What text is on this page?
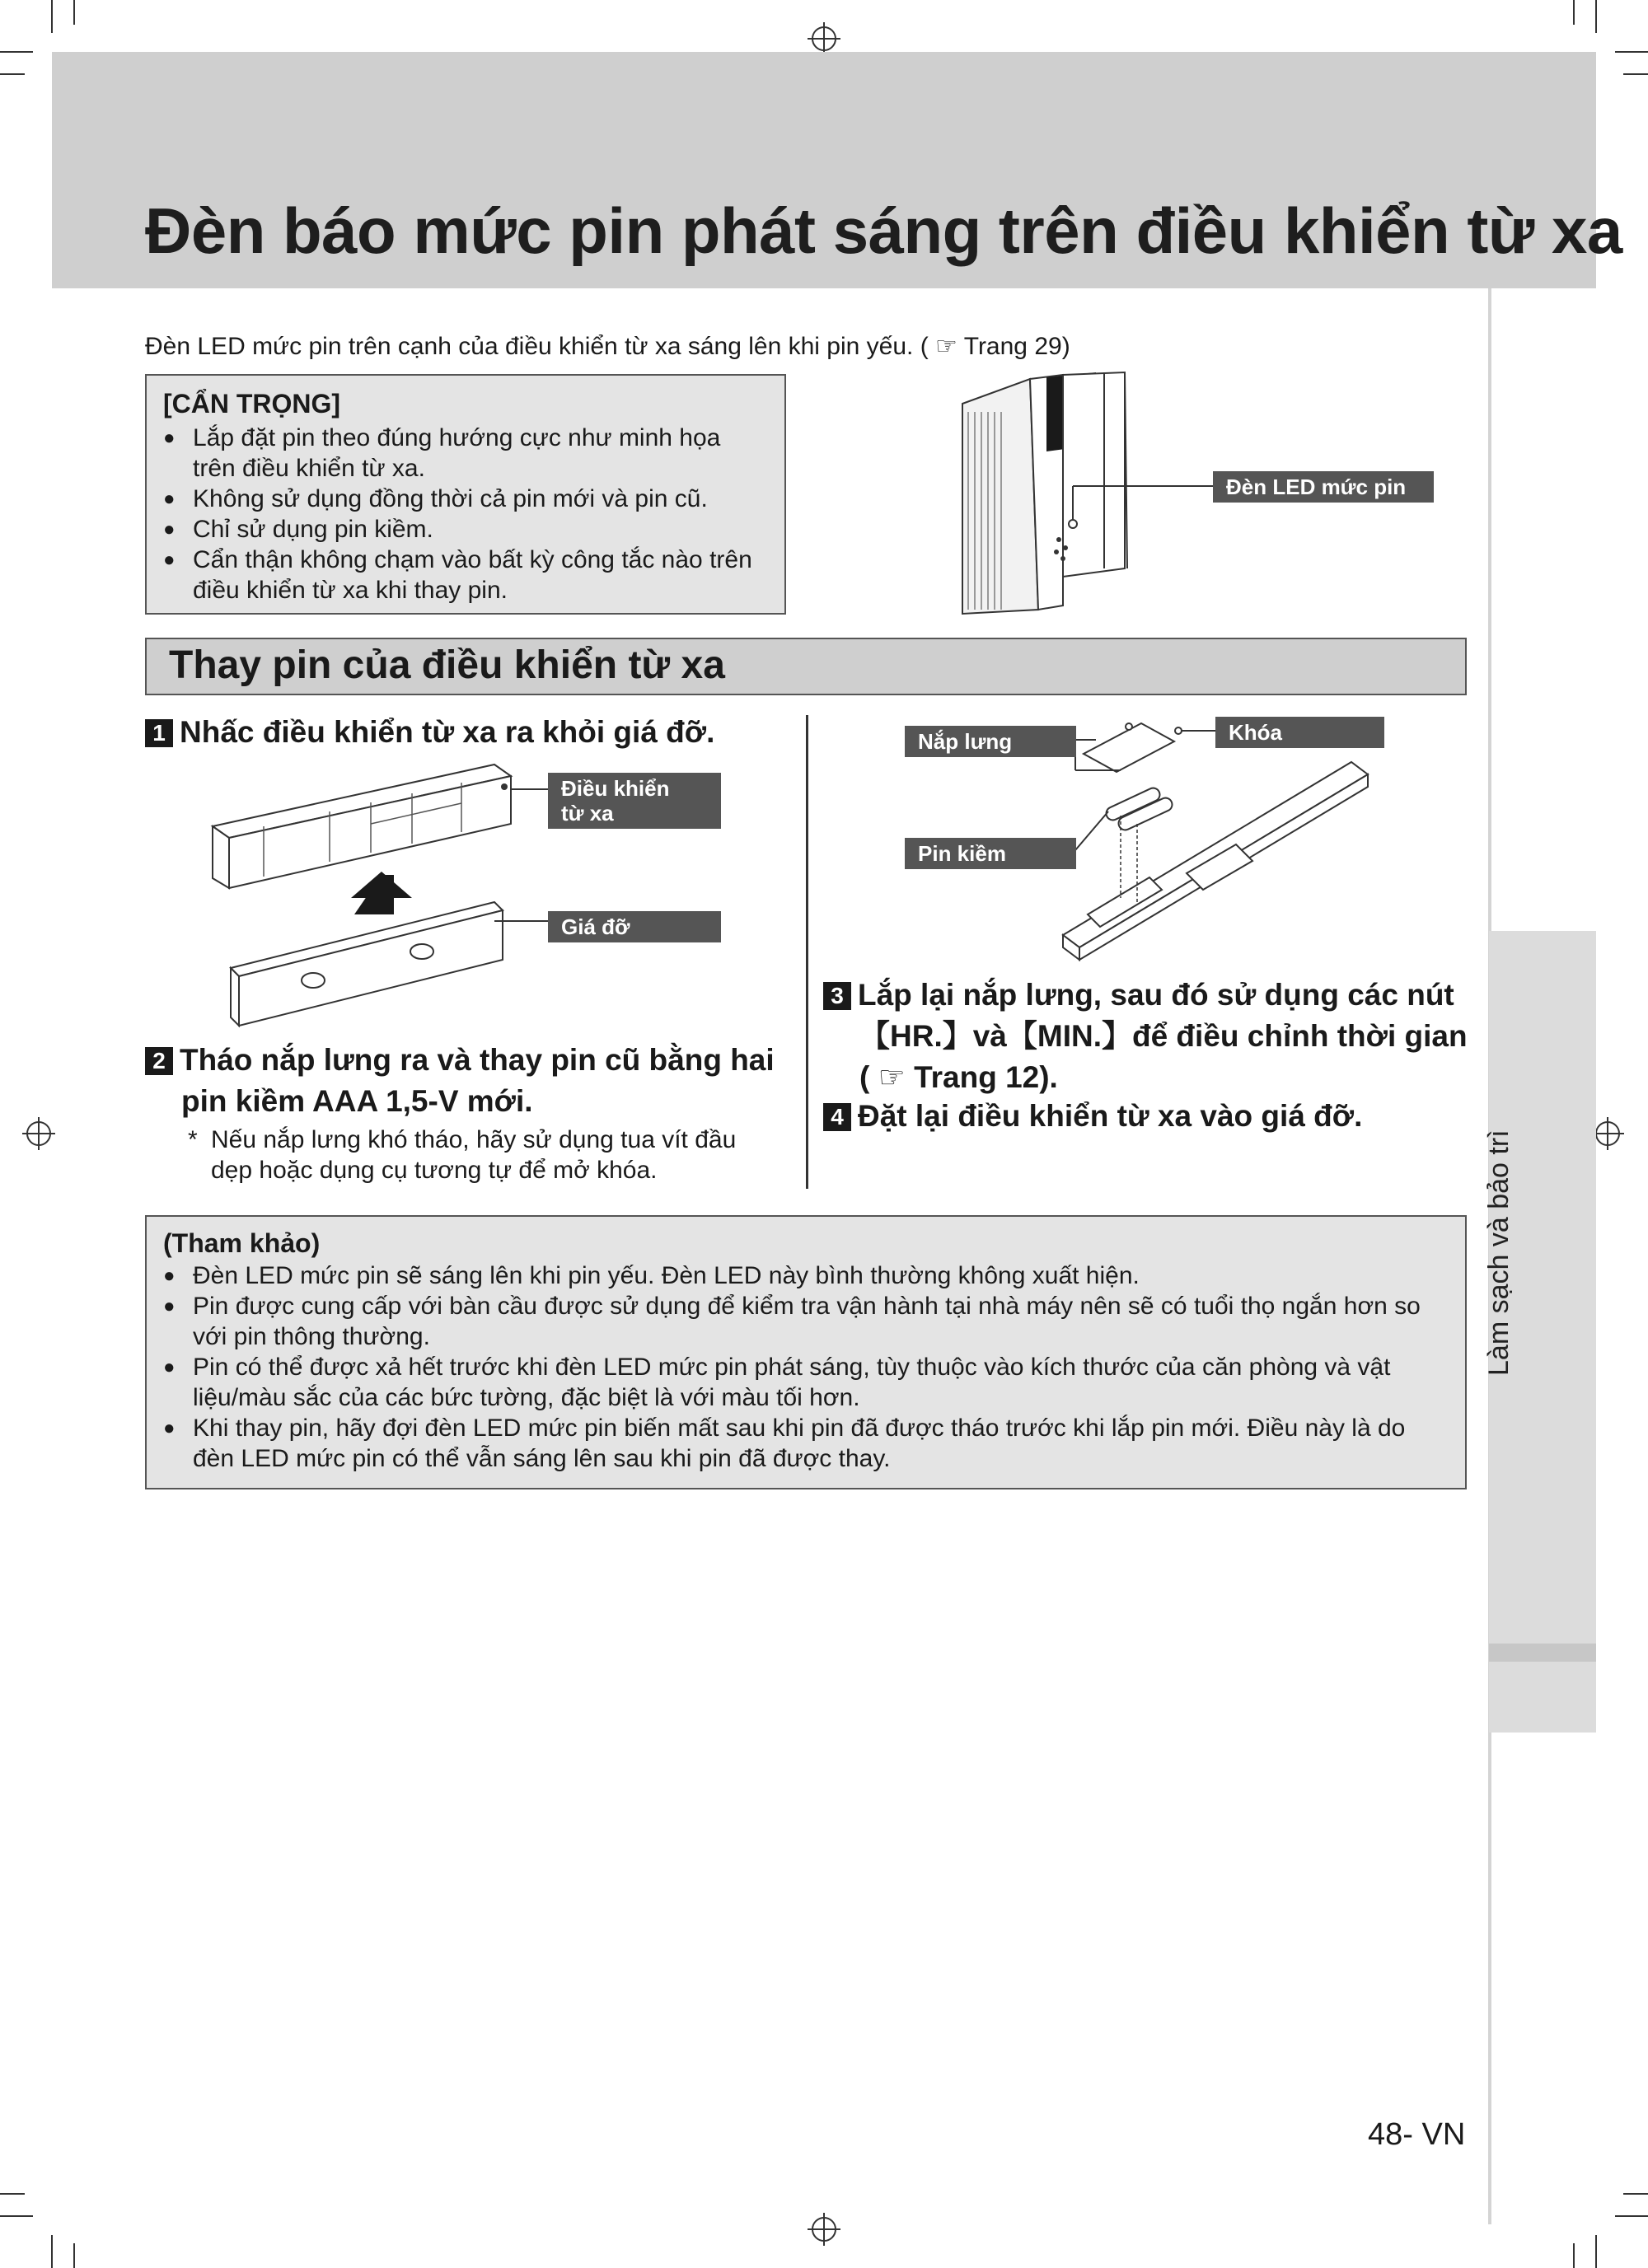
Đèn báo mức pin phát sáng trên điều khiển từ xa
Làm sạch và bảo trì
Đèn LED mức pin trên cạnh của điều khiển từ xa sáng lên khi pin yếu. ( ☞ Trang 29)
[CẨN TRỌNG]
● Lắp đặt pin theo đúng hướng cực như minh họa trên điều khiển từ xa.
● Không sử dụng đồng thời cả pin mới và pin cũ.
● Chỉ sử dụng pin kiềm.
● Cẩn thận không chạm vào bất kỳ công tắc nào trên điều khiển từ xa khi thay pin.
Đèn LED mức pin
Thay pin của điều khiển từ xa
1 Nhấc điều khiển từ xa ra khỏi giá đỡ.
Điều khiển
từ xa
Giá đỡ
2 Tháo nắp lưng ra và thay pin cũ bằng hai
pin kiềm AAA 1,5-V mới.
* Nếu nắp lưng khó tháo, hãy sử dụng tua vít đầu dẹp hoặc dụng cụ tương tự để mở khóa.
Nắp lưng	Khóa
Pin kiềm
3 Lắp lại nắp lưng, sau đó sử dụng các nút
【HR.】và【MIN.】để điều chỉnh thời gian
( ☞ Trang 12).
4 Đặt lại điều khiển từ xa vào giá đỡ.
(Tham khảo)
● Đèn LED mức pin sẽ sáng lên khi pin yếu. Đèn LED này bình thường không xuất hiện.
● Pin được cung cấp với bàn cầu được sử dụng để kiểm tra vận hành tại nhà máy nên sẽ có tuổi thọ ngắn hơn so với pin thông thường.
● Pin có thể được xả hết trước khi đèn LED mức pin phát sáng, tùy thuộc vào kích thước của căn phòng và vật liệu/màu sắc của các bức tường, đặc biệt là với màu tối hơn.
● Khi thay pin, hãy đợi đèn LED mức pin biến mất sau khi pin đã được tháo trước khi lắp pin mới. Điều này là do đèn LED mức pin có thể vẫn sáng lên sau khi pin đã được thay.
48- VN
